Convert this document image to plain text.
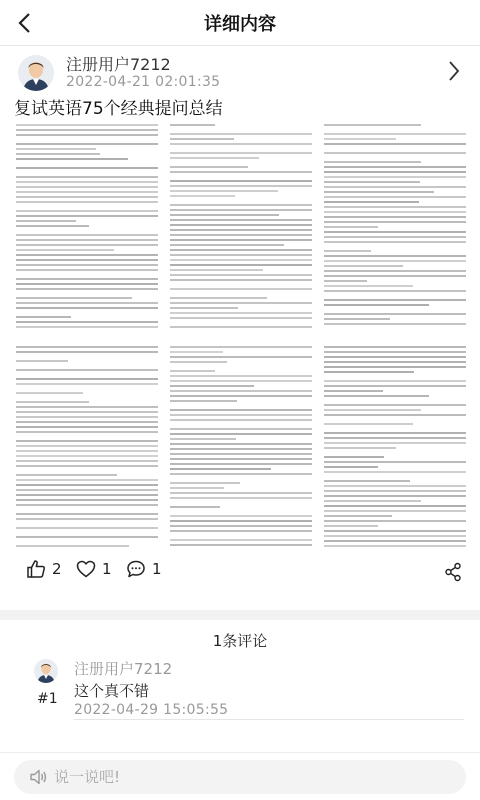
详细内容
注册用户7212
2022-04-21 02:01:35
复试英语75个经典提问总结
2	1	1
1条评论
#1
注册用户7212
这个真不错
2022-04-29 15:05:55
说一说吧!
